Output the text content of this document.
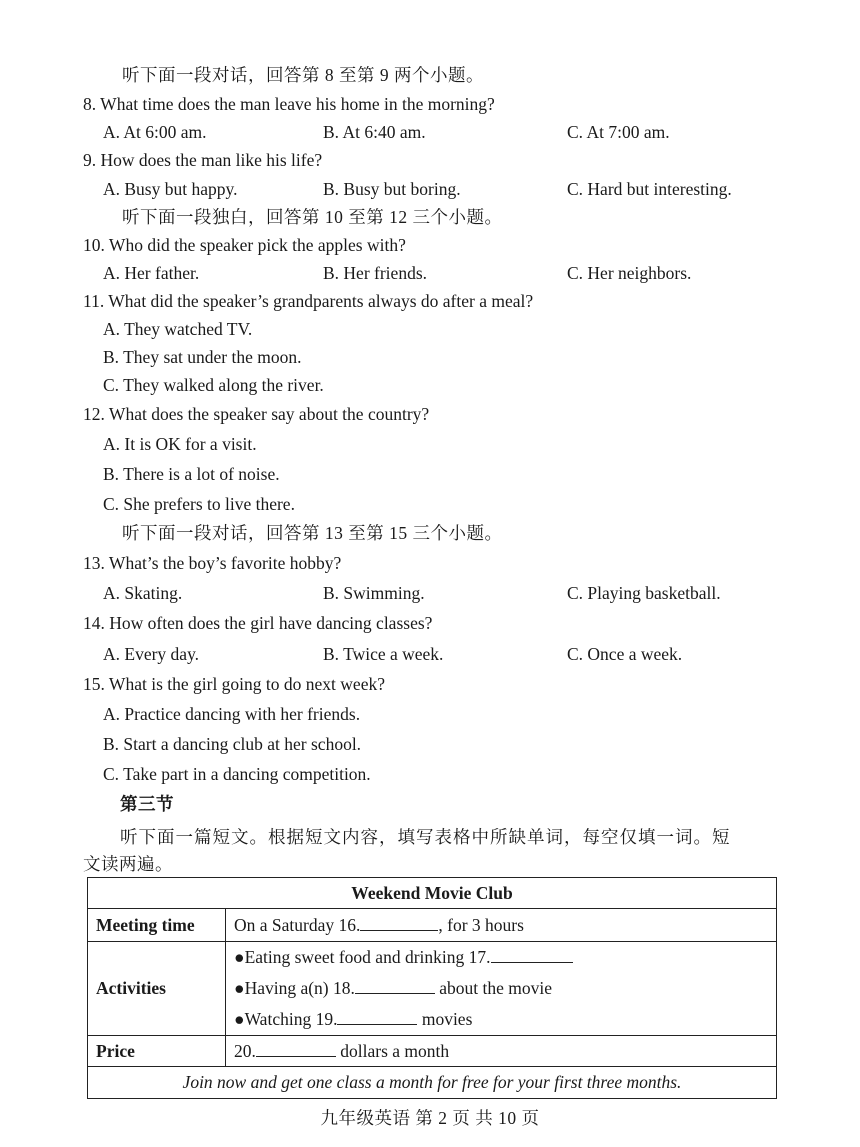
听下面一段对话，回答第 8 至第 9 两个小题。
8. What time does the man leave his home in the morning?
A. At 6:00 am.	B. At 6:40 am.	C. At 7:00 am.
9. How does the man like his life?
A. Busy but happy.	B. Busy but boring.	C. Hard but interesting.
听下面一段独白，回答第 10 至第 12 三个小题。
10. Who did the speaker pick the apples with?
A. Her father.	B. Her friends.	C. Her neighbors.
11. What did the speaker’s grandparents always do after a meal?
A. They watched TV.
B. They sat under the moon.
C. They walked along the river.
12. What does the speaker say about the country?
A. It is OK for a visit.
B. There is a lot of noise.
C. She prefers to live there.
听下面一段对话，回答第 13 至第 15 三个小题。
13. What’s the boy’s favorite hobby?
A. Skating.	B. Swimming.	C. Playing basketball.
14. How often does the girl have dancing classes?
A. Every day.	B. Twice a week.	C. Once a week.
15. What is the girl going to do next week?
A. Practice dancing with her friends.
B. Start a dancing club at her school.
C. Take part in a dancing competition.
第三节
听下面一篇短文。根据短文内容，填写表格中所缺单词，每空仅填一词。短
文读两遍。
Weekend Movie Club	
Meeting time	On a Saturday 16. , for 3 hours
Activities	●Eating sweet food and drinking 17.
●Having a(n) 18. about the movie
●Watching 19. movies

Price	20. dollars a month
Join now and get one class a month for free for your first three months.	
九年级英语 第 2 页 共 10 页
